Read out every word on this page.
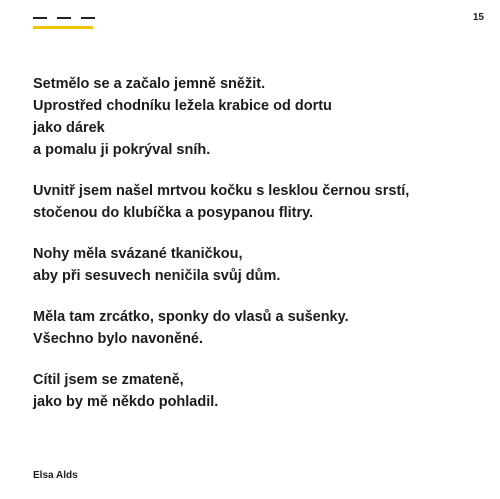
15
Setmělo se a začalo jemně sněžit.
Uprostřed chodníku ležela krabice od dortu
jako dárek
a pomalu ji pokrýval sníh.
Uvnitř jsem našel mrtvou kočku s lesklou černou srstí,
stočenou do klubíčka a posypanou flitry.
Nohy měla svázané tkaničkou,
aby při sesuvech neničila svůj dům.
Měla tam zrcátko, sponky do vlasů a sušenky.
Všechno bylo navoněné.
Cítil jsem se zmateně,
jako by mě někdo pohladil.
Elsa Alds
